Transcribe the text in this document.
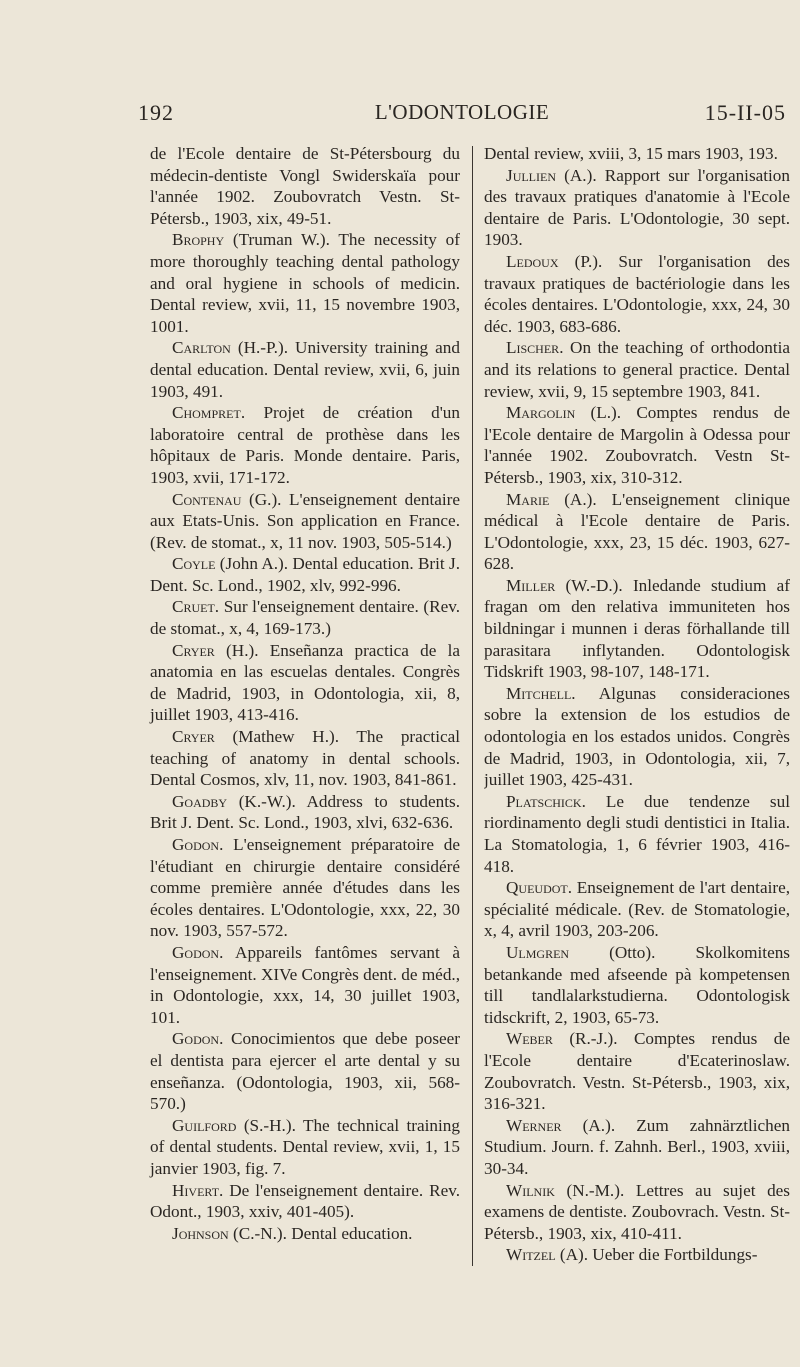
192	L'ODONTOLOGIE	15-II-05

de l'Ecole dentaire de St-Pétersbourg du médecin-dentiste Vongl Swiderskaïa pour l'année 1902. Zoubovratch Vestn. St-Pétersb., 1903, xix, 49-51.

Brophy (Truman W.). The necessity of more thoroughly teaching dental pathology and oral hygiene in schools of medicin. Dental review, xvii, 11, 15 novembre 1903, 1001.

Carlton (H.-P.). University training and dental education. Dental review, xvii, 6, juin 1903, 491.

Chompret. Projet de création d'un laboratoire central de prothèse dans les hôpitaux de Paris. Monde dentaire. Paris, 1903, xvii, 171-172.

Contenau (G.). L'enseignement dentaire aux Etats-Unis. Son application en France. (Rev. de stomat., x, 11 nov. 1903, 505-514.)

Coyle (John A.). Dental education. Brit J. Dent. Sc. Lond., 1902, xlv, 992-996.

Cruet. Sur l'enseignement dentaire. (Rev. de stomat., x, 4, 169-173.)

Cryer (H.). Enseñanza practica de la anatomia en las escuelas dentales. Congrès de Madrid, 1903, in Odontologia, xii, 8, juillet 1903, 413-416.

Cryer (Mathew H.). The practical teaching of anatomy in dental schools. Dental Cosmos, xlv, 11, nov. 1903, 841-861.

Goadby (K.-W.). Address to students. Brit J. Dent. Sc. Lond., 1903, xlvi, 632-636.

Godon. L'enseignement préparatoire de l'étudiant en chirurgie dentaire considéré comme première année d'études dans les écoles dentaires. L'Odontologie, xxx, 22, 30 nov. 1903, 557-572.

Godon. Appareils fantômes servant à l'enseignement. XIVe Congrès dent. de méd., in Odontologie, xxx, 14, 30 juillet 1903, 101.

Godon. Conocimientos que debe poseer el dentista para ejercer el arte dental y su enseñanza. (Odontologia, 1903, xii, 568-570.)

Guilford (S.-H.). The technical training of dental students. Dental review, xvii, 1, 15 janvier 1903, fig. 7.

Hivert. De l'enseignement dentaire. Rev. Odont., 1903, xxiv, 401-405).

Johnson (C.-N.). Dental education.

Dental review, xviii, 3, 15 mars 1903, 193.

Jullien (A.). Rapport sur l'organisation des travaux pratiques d'anatomie à l'Ecole dentaire de Paris. L'Odontologie, 30 sept. 1903.

Ledoux (P.). Sur l'organisation des travaux pratiques de bactériologie dans les écoles dentaires. L'Odontologie, xxx, 24, 30 déc. 1903, 683-686.

Lischer. On the teaching of orthodontia and its relations to general practice. Dental review, xvii, 9, 15 septembre 1903, 841.

Margolin (L.). Comptes rendus de l'Ecole dentaire de Margolin à Odessa pour l'année 1902. Zoubovratch. Vestn St-Pétersb., 1903, xix, 310-312.

Marie (A.). L'enseignement clinique médical à l'Ecole dentaire de Paris. L'Odontologie, xxx, 23, 15 déc. 1903, 627-628.

Miller (W.-D.). Inledande studium af fragan om den relativa immuniteten hos bildningar i munnen i deras förhallande till parasitara inflytanden. Odontologisk Tidskrift 1903, 98-107, 148-171.

Mitchell. Algunas consideraciones sobre la extension de los estudios de odontologia en los estados unidos. Congrès de Madrid, 1903, in Odontologia, xii, 7, juillet 1903, 425-431.

Platschick. Le due tendenze sul riordinamento degli studi dentistici in Italia. La Stomatologia, 1, 6 février 1903, 416-418.

Queudot. Enseignement de l'art dentaire, spécialité médicale. (Rev. de Stomatologie, x, 4, avril 1903, 203-206.

Ulmgren (Otto). Skolkomitens betankande med afseende pà kompetensen till tandlalarkstudierna. Odontologisk tidsckrift, 2, 1903, 65-73.

Weber (R.-J.). Comptes rendus de l'Ecole dentaire d'Ecaterinoslaw. Zoubovratch. Vestn. St-Pétersb., 1903, xix, 316-321.

Werner (A.). Zum zahnärztlichen Studium. Journ. f. Zahnh. Berl., 1903, xviii, 30-34.

Wilnik (N.-M.). Lettres au sujet des examens de dentiste. Zoubovrach. Vestn. St-Pétersb., 1903, xix, 410-411.

Witzel (A). Ueber die Fortbildungs-
